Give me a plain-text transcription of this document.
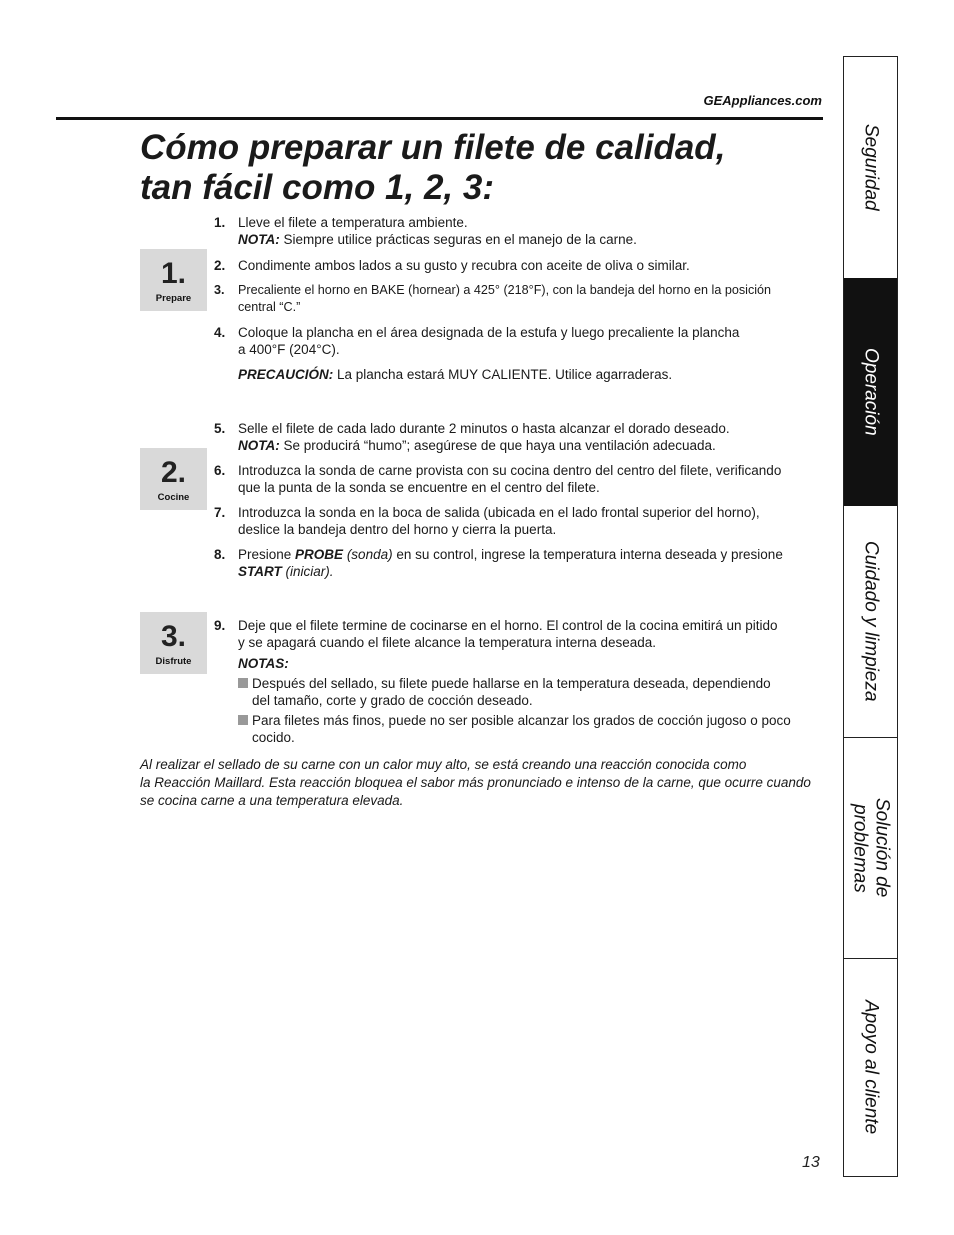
GEAppliances.com
Cómo preparar un filete de calidad,
tan fácil como 1, 2, 3:
1.
Prepare
2.
Cocine
3.
Disfrute
1. Lleve el filete a temperatura ambiente.
NOTA: Siempre utilice prácticas seguras en el manejo de la carne.
2. Condimente ambos lados a su gusto y recubra con aceite de oliva o similar.
3. Precaliente el horno en BAKE (hornear) a 425° (218°F), con la bandeja del horno en la posición
central “C.”
4. Coloque la plancha en el área designada de la estufa y luego precaliente la plancha
a 400°F (204°C).
PRECAUCIÓN: La plancha estará MUY CALIENTE. Utilice agarraderas.
5. Selle el filete de cada lado durante 2 minutos o hasta alcanzar el dorado deseado.
NOTA: Se producirá “humo”; asegúrese de que haya una ventilación adecuada.
6. Introduzca la sonda de carne provista con su cocina dentro del centro del filete, verificando
que la punta de la sonda se encuentre en el centro del filete.
7. Introduzca la sonda en la boca de salida (ubicada en el lado frontal superior del horno),
deslice la bandeja dentro del horno y cierra la puerta.
8. Presione PROBE (sonda) en su control, ingrese la temperatura interna deseada y presione
START (iniciar).
9. Deje que el filete termine de cocinarse en el horno. El control de la cocina emitirá un pitido
y se apagará cuando el filete alcance la temperatura interna deseada.
NOTAS:
Después del sellado, su filete puede hallarse en la temperatura deseada, dependiendo
del tamaño, corte y grado de cocción deseado.
Para filetes más finos, puede no ser posible alcanzar los grados de cocción jugoso o poco
cocido.
Al realizar el sellado de su carne con un calor muy alto, se está creando una reacción conocida como
la Reacción Maillard. Esta reacción bloquea el sabor más pronunciado e intenso de la carne, que ocurre cuando
se cocina carne a una temperatura elevada.
13
Seguridad
Operación
Cuidado y limpieza
Solución de
problemas
Apoyo al cliente
